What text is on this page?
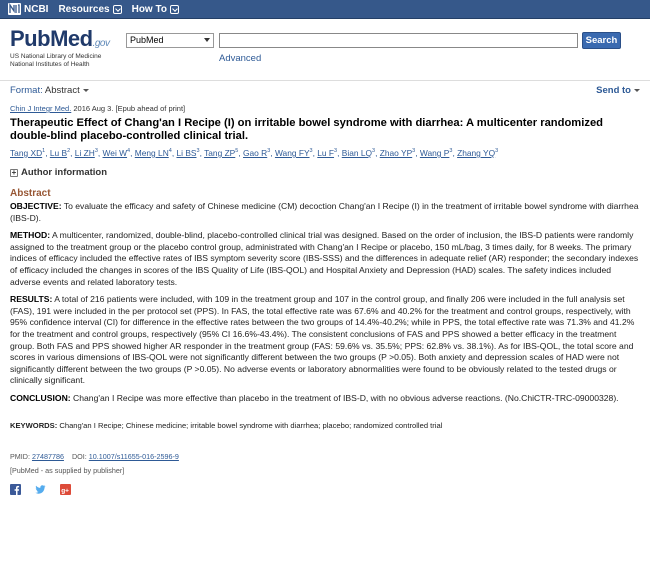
NCBI Resources How To
PubMed.gov
US National Library of Medicine
National Institutes of Health
PubMed	Search
Advanced
Format: Abstract	Send to
Chin J Integr Med. 2016 Aug 3. [Epub ahead of print]
Therapeutic Effect of Chang'an I Recipe (I) on irritable bowel syndrome with diarrhea: A multicenter randomized double-blind placebo-controlled clinical trial.
Tang $XD^1$, Lu $B^2$, Li $ZH^3$, Wei $W^4$, Meng $LN^4$, Li $BS^3$, Tang $ZP^5$, Gao $R^3$, Wang $FY^3$, Lu $F^3$, Bian $LQ^3$, Zhao $YP^3$, Wang $P^3$, Zhang $YQ^3$
+ Author information
Abstract

OBJECTIVE: To evaluate the efficacy and safety of Chinese medicine (CM) decoction Chang'an I Recipe (I) in the treatment of irritable bowel syndrome with diarrhea (IBS-D).

METHOD: A multicenter, randomized, double-blind, placebo-controlled clinical trial was designed. Based on the order of inclusion, the IBS-D patients were randomly assigned to the treatment group or the placebo control group, administrated with Chang'an I Recipe or placebo, 150 mL/bag, 3 times daily, for 8 weeks. The primary indices of efficacy included the effective rates of IBS symptom severity score (IBS-SSS) and the differences in adequate relief (AR) responder; the secondary indexes of efficacy included the changes in scores of the IBS Quality of Life (IBS-QOL) and Hospital Anxiety and Depression (HAD) scales. The safety indices included adverse events and related laboratory tests.

RESULTS: A total of 216 patients were included, with 109 in the treatment group and 107 in the control group, and finally 206 were included in the full analysis set (FAS), 191 were included in the per protocol set (PPS). In FAS, the total effective rate was 67.6% and 40.2% for the treatment and control groups, respectively, with 95% confidence interval (CI) for difference in the effective rates between the two groups of 14.4%-40.2%; while in PPS, the total effective rate was 71.3% and 41.2% for the treatment and control groups, respectively (95% CI 16.6%-43.4%). The consistent conclusions of FAS and PPS showed a better efficacy in the treatment group. Both FAS and PPS showed higher AR responder in the treatment group (FAS: 59.6% vs. 35.5%; PPS: 62.8% vs. 38.1%). As for IBS-QOL, the total score and scores in various dimensions of IBS-QOL were not significantly different between the two groups (P >0.05). Both anxiety and depression scales of HAD were not significantly different between the two groups (P >0.05). No adverse events or laboratory abnormalities were found to be obviously related to the tested drugs or clinically significant.

CONCLUSION: Chang'an I Recipe was more effective than placebo in the treatment of IBS-D, with no obvious adverse reactions. (No.ChiCTR-TRC-09000328).

KEYWORDS: Chang'an I Recipe; Chinese medicine; irritable bowel syndrome with diarrhea; placebo; randomized controlled trial

PMID: 27487786 DOI: 10.1007/s11655-016-2596-9
[PubMed - as supplied by publisher]
g+
